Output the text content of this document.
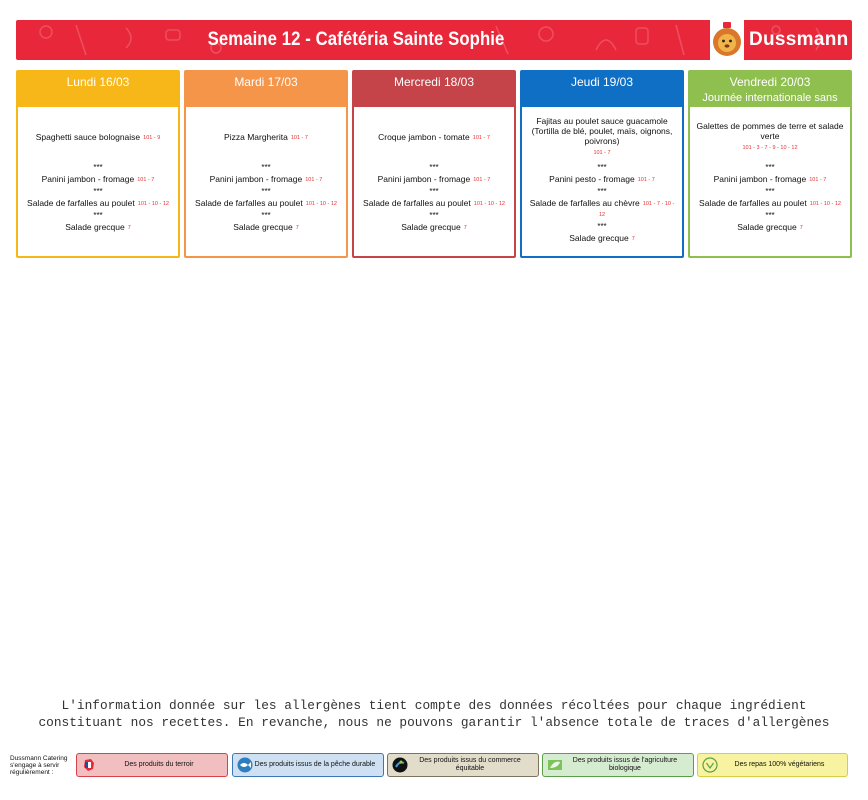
Semaine 12 - Cafétéria Sainte Sophie	Dussmann
Lundi 16/03
Spaghetti sauce bolognaise 101 - 9
***
Panini jambon - fromage 101 - 7
***
Salade de farfalles au poulet 101 - 10 - 12
***
Salade grecque 7
Mardi 17/03
Pizza Margherita 101 - 7
***
Panini jambon - fromage 101 - 7
***
Salade de farfalles au poulet 101 - 10 - 12
***
Salade grecque 7
Mercredi 18/03
Croque jambon - tomate 101 - 7
***
Panini jambon - fromage 101 - 7
***
Salade de farfalles au poulet 101 - 10 - 12
***
Salade grecque 7
Jeudi 19/03
Fajitas au poulet sauce guacamole (Tortilla de blé, poulet, maïs, oignons, poivrons)
101 - 7
***
Panini pesto - fromage 101 - 7
***
Salade de farfalles au chèvre 101 - 7 - 10 - 12
***
Salade grecque 7
Vendredi 20/03
Journée internationale sans viande
Galettes de pommes de terre et salade verte
101 - 3 - 7 - 9 - 10 - 12
***
Panini jambon - fromage 101 - 7
***
Salade de farfalles au poulet 101 - 10 - 12
***
Salade grecque 7
L'information donnée sur les allergènes tient compte des données récoltées pour chaque ingrédient
constituant nos recettes. En revanche, nous ne pouvons garantir l'absence totale de traces d'allergènes
Dussmann Catering s'engage à servir régulièrement :
Des produits du terroir	Des produits issus de la pêche durable
Des produits issus du commerce équitable
Des produits issus de l'agriculture biologique
Des repas 100% végétariens
